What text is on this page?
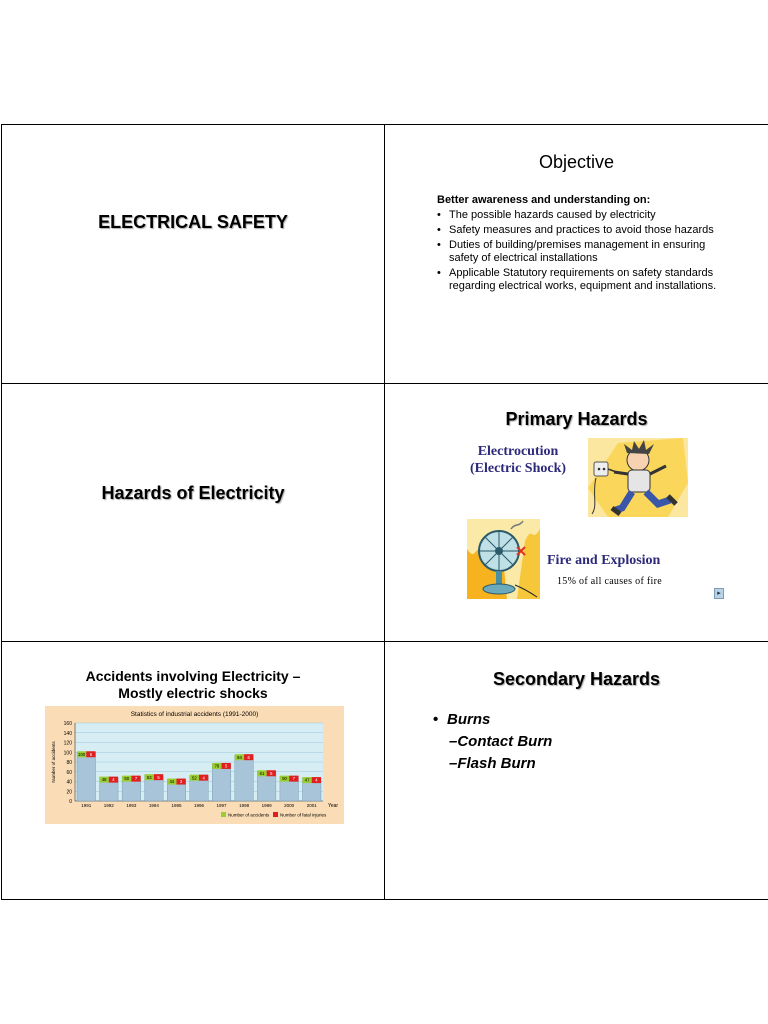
ELECTRICAL SAFETY
Objective
Better awareness and understanding on:
• The possible hazards caused by electricity
• Safety measures and practices to avoid those hazards
• Duties of building/premises management in ensuring safety of electrical installations
• Applicable Statutory requirements on safety standards regarding electrical works, equipment and installations.
Hazards of Electricity
Primary Hazards
Electrocution
(Electric Shock)
Fire and Explosion
15% of all causes of fire
▸
Accidents involving Electricity –
Mostly electric shocks
Statistics of industrial accidents (1991-2000)
0
20
40
60
80
100
120
140
160
Number of accidents
Year
100 6
1991
48 4
1992
50 7
1993
53 5
1994
44 3
1995
52 4
1996
76 5
1997
94 6
1998
61 5
1999
50 7
2000
47 4
2001
Number of accidents Number of fatal injuries
Secondary Hazards
• Burns
–Contact Burn
–Flash Burn
